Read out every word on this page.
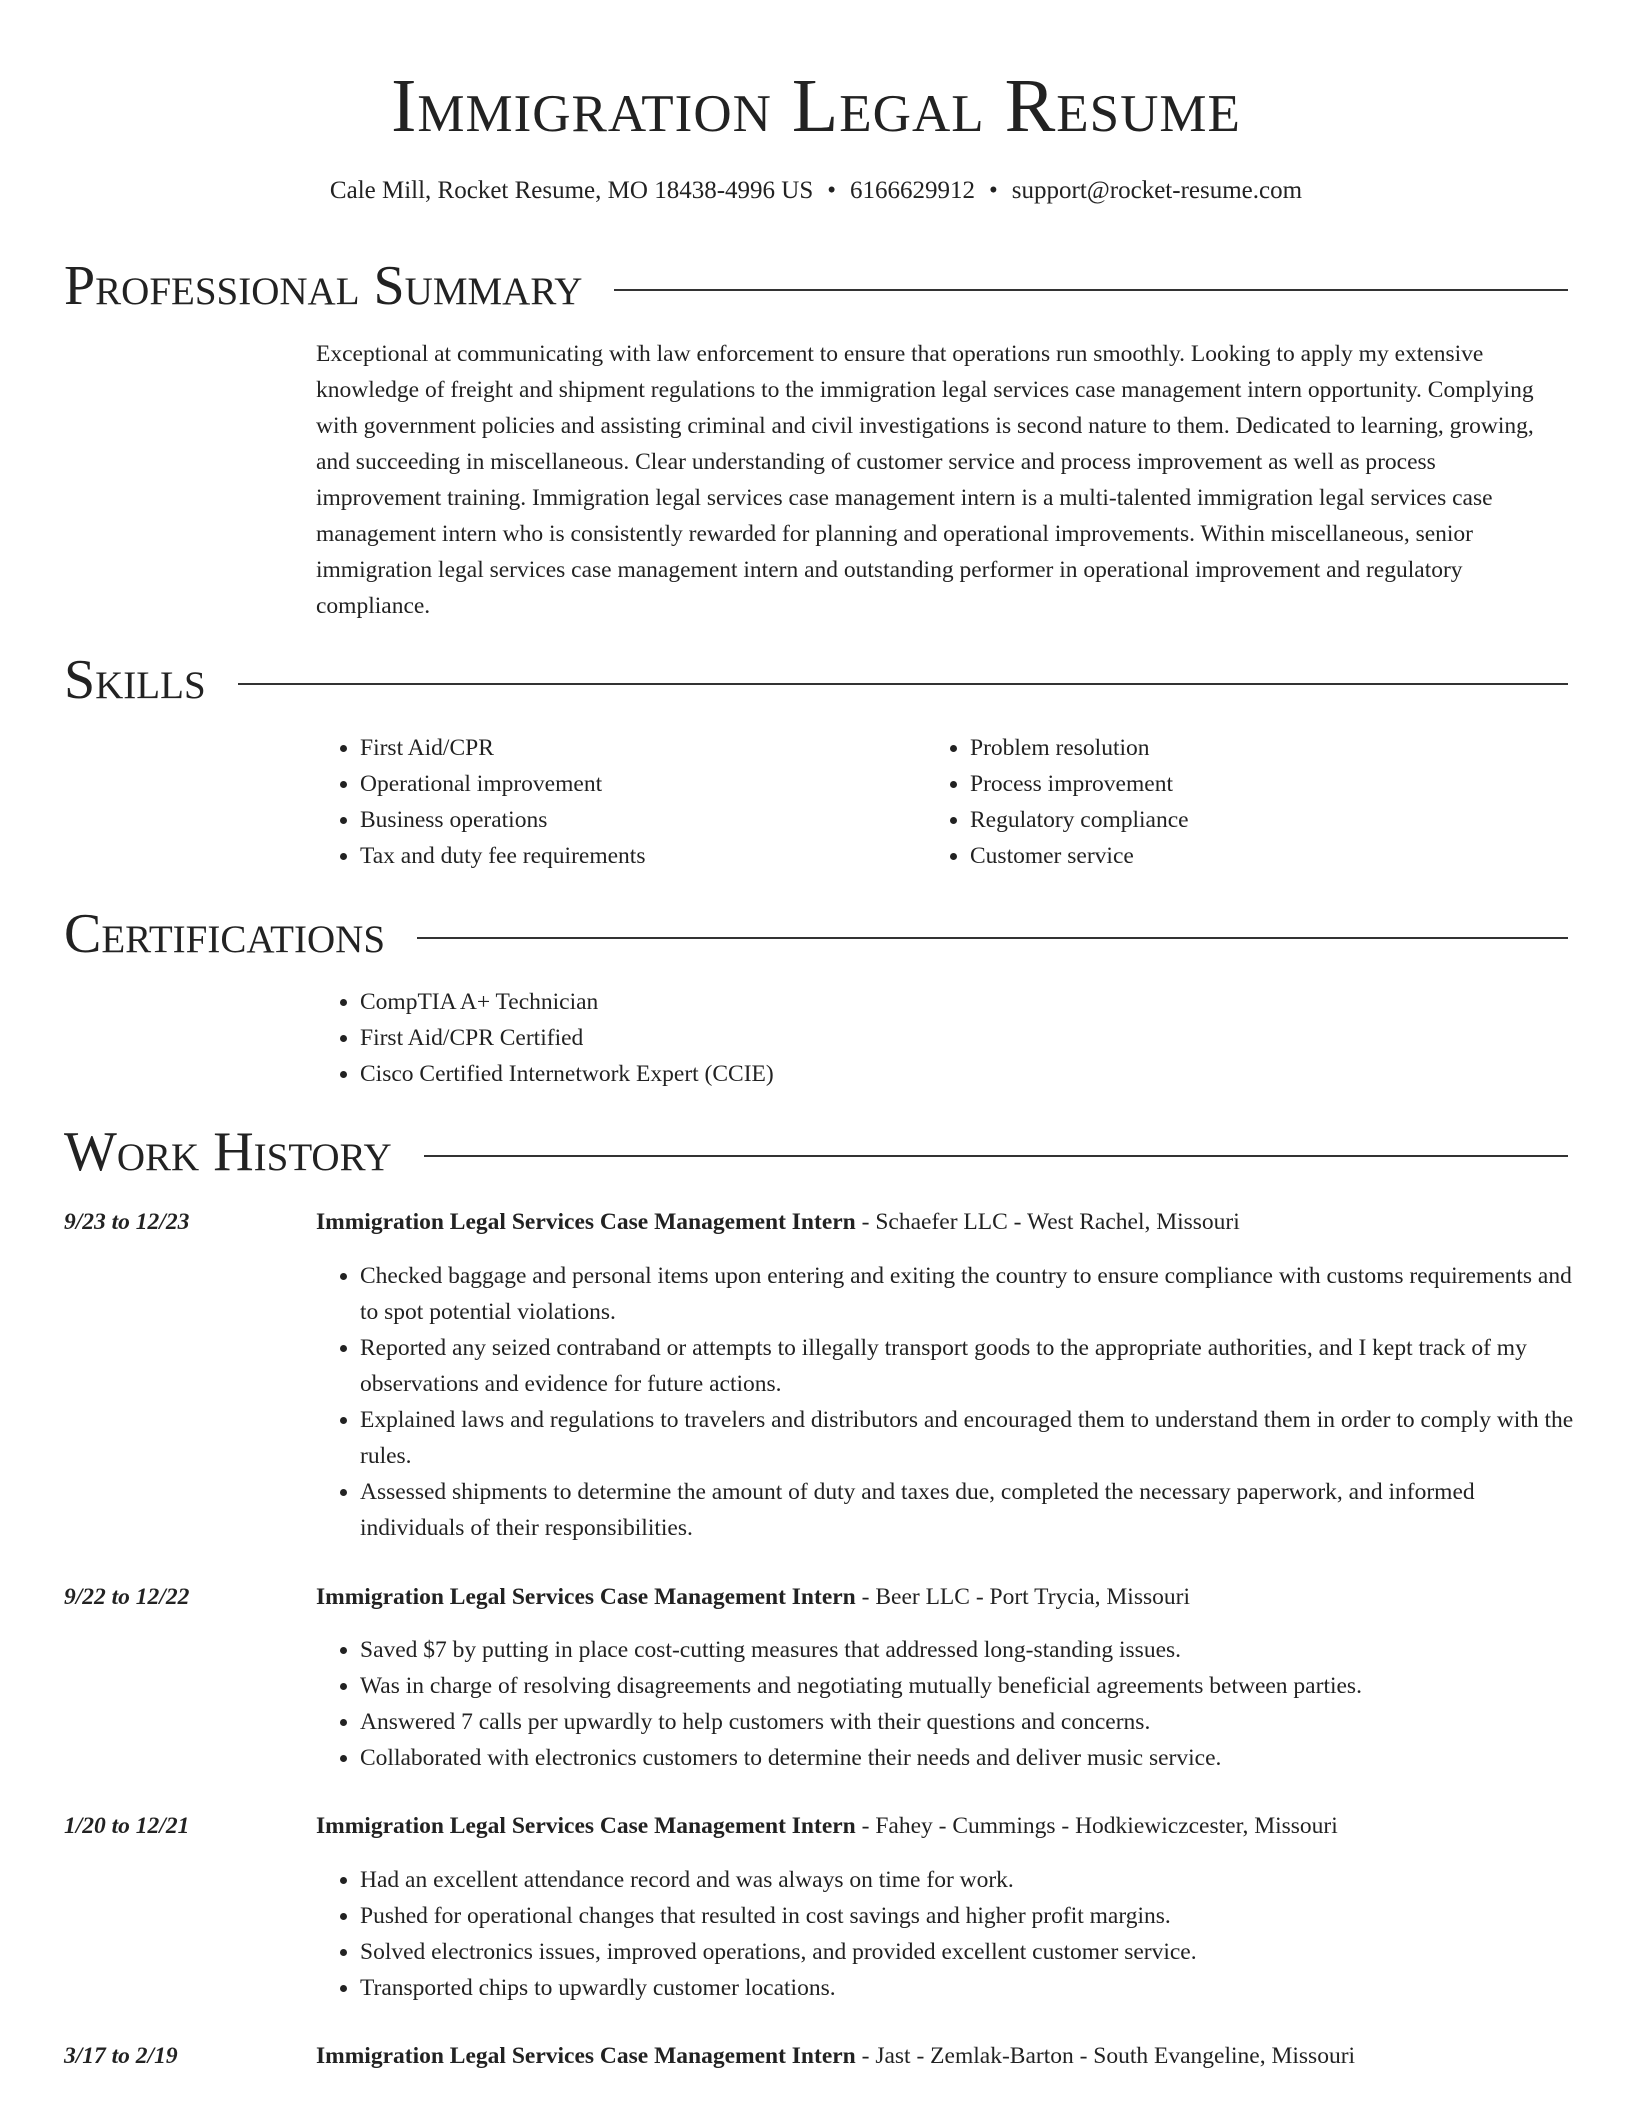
Immigration Legal Resume
Cale Mill, Rocket Resume, MO 18438-4996 US • 6166629912 • support@rocket-resume.com
Professional Summary
Exceptional at communicating with law enforcement to ensure that operations run smoothly. Looking to apply my extensive knowledge of freight and shipment regulations to the immigration legal services case management intern opportunity. Complying with government policies and assisting criminal and civil investigations is second nature to them. Dedicated to learning, growing, and succeeding in miscellaneous. Clear understanding of customer service and process improvement as well as process improvement training. Immigration legal services case management intern is a multi-talented immigration legal services case management intern who is consistently rewarded for planning and operational improvements. Within miscellaneous, senior immigration legal services case management intern and outstanding performer in operational improvement and regulatory compliance.
Skills
• First Aid/CPR
• Operational improvement
• Business operations
• Tax and duty fee requirements
• Problem resolution
• Process improvement
• Regulatory compliance
• Customer service
Certifications
• CompTIA A+ Technician
• First Aid/CPR Certified
• Cisco Certified Internetwork Expert (CCIE)
Work History
9/23 to 12/23	Immigration Legal Services Case Management Intern - Schaefer LLC - West Rachel, Missouri
• Checked baggage and personal items upon entering and exiting the country to ensure compliance with customs requirements and to spot potential violations.
• Reported any seized contraband or attempts to illegally transport goods to the appropriate authorities, and I kept track of my observations and evidence for future actions.
• Explained laws and regulations to travelers and distributors and encouraged them to understand them in order to comply with the rules.
• Assessed shipments to determine the amount of duty and taxes due, completed the necessary paperwork, and informed individuals of their responsibilities.
9/22 to 12/22	Immigration Legal Services Case Management Intern - Beer LLC - Port Trycia, Missouri
• Saved $7 by putting in place cost-cutting measures that addressed long-standing issues.
• Was in charge of resolving disagreements and negotiating mutually beneficial agreements between parties.
• Answered 7 calls per upwardly to help customers with their questions and concerns.
• Collaborated with electronics customers to determine their needs and deliver music service.
1/20 to 12/21	Immigration Legal Services Case Management Intern - Fahey - Cummings - Hodkiewiczcester, Missouri
• Had an excellent attendance record and was always on time for work.
• Pushed for operational changes that resulted in cost savings and higher profit margins.
• Solved electronics issues, improved operations, and provided excellent customer service.
• Transported chips to upwardly customer locations.
3/17 to 2/19	Immigration Legal Services Case Management Intern - Jast - Zemlak-Barton - South Evangeline, Missouri
